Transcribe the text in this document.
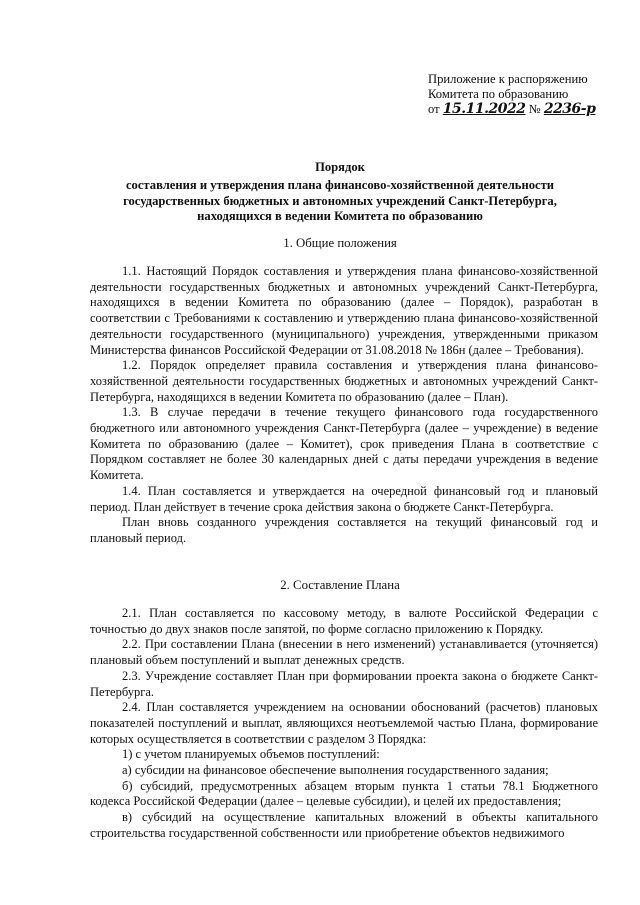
Приложение к распоряжению
Комитета по образованию
от 15.11.2022 № 2236-р
Порядок
составления и утверждения плана финансово-хозяйственной деятельности
государственных бюджетных и автономных учреждений Санкт-Петербурга,
находящихся в ведении Комитета по образованию
1. Общие положения

1.1. Настоящий Порядок составления и утверждения плана финансово-хозяйственной деятельности государственных бюджетных и автономных учреждений Санкт-Петербурга, находящихся в ведении Комитета по образованию (далее – Порядок), разработан в соответствии с Требованиями к составлению и утверждению плана финансово-хозяйственной деятельности государственного (муниципального) учреждения, утвержденными приказом Министерства финансов Российской Федерации от 31.08.2018 № 186н (далее – Требования).

1.2. Порядок определяет правила составления и утверждения плана финансово-хозяйственной деятельности государственных бюджетных и автономных учреждений Санкт-Петербурга, находящихся в ведении Комитета по образованию (далее – План).

1.3. В случае передачи в течение текущего финансового года государственного бюджетного или автономного учреждения Санкт-Петербурга (далее – учреждение) в ведение Комитета по образованию (далее – Комитет), срок приведения Плана в соответствие с Порядком составляет не более 30 календарных дней с даты передачи учреждения в ведение Комитета.

1.4. План составляется и утверждается на очередной финансовый год и плановый период. План действует в течение срока действия закона о бюджете Санкт-Петербурга.

План вновь созданного учреждения составляется на текущий финансовый год и плановый период.

2. Составление Плана

2.1. План составляется по кассовому методу, в валюте Российской Федерации с точностью до двух знаков после запятой, по форме согласно приложению к Порядку.

2.2. При составлении Плана (внесении в него изменений) устанавливается (уточняется) плановый объем поступлений и выплат денежных средств.

2.3. Учреждение составляет План при формировании проекта закона о бюджете Санкт-Петербурга.

2.4. План составляется учреждением на основании обоснований (расчетов) плановых показателей поступлений и выплат, являющихся неотъемлемой частью Плана, формирование которых осуществляется в соответствии с разделом 3 Порядка:

1) с учетом планируемых объемов поступлений:

а) субсидии на финансовое обеспечение выполнения государственного задания;

б) субсидий, предусмотренных абзацем вторым пункта 1 статьи 78.1 Бюджетного кодекса Российской Федерации (далее – целевые субсидии), и целей их предоставления;

в) субсидий на осуществление капитальных вложений в объекты капитального строительства государственной собственности или приобретение объектов недвижимого
